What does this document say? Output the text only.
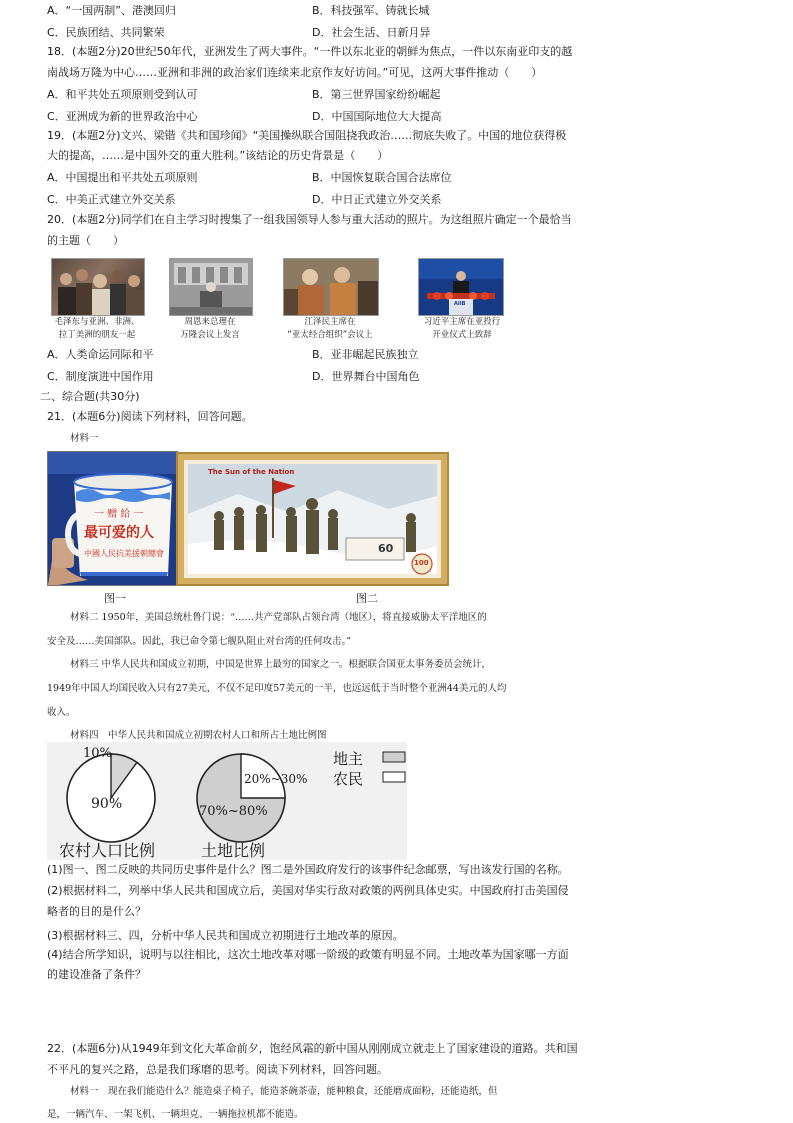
A．“一国两制”、港澳回归	B．科技强军、铸就长城
C．民族团结、共同繁荣	D．社会生活、日新月异
18．(本题2分)20世纪50年代，亚洲发生了两大事件。“一件以东北亚的朝鲜为焦点，一件以东南亚印支的越
南战场万隆为中心……亚洲和非洲的政治家们连续来北京作友好访问。”可见，这两大事件推动（　　）
A．和平共处五项原则受到认可	B．第三世界国家纷纷崛起
C．亚洲成为新的世界政治中心	D．中国国际地位大大提高
19．(本题2分)文兴、梁锴《共和国珍闻》“美国操纵联合国阻挠我政治……彻底失败了。中国的地位获得极
大的提高，……是中国外交的重大胜利。”该结论的历史背景是（　　）
A．中国提出和平共处五项原则	B．中国恢复联合国合法席位
C．中美正式建立外交关系	D．中日正式建立外交关系
20．(本题2分)同学们在自主学习时搜集了一组我国领导人参与重大活动的照片。为这组照片确定一个最恰当
的主题（　　）
AIIB
毛泽东与亚洲、非洲、
拉丁美洲的朋友一起
周恩来总理在
万隆会议上发言
江泽民主席在
“亚太经合组织”会议上
习近平主席在亚投行
开业仪式上致辞
A．人类命运同际和平	B．亚非崛起民族独立
C．制度演进中国作用	D．世界舞台中国角色
二、综合题(共30分)
21．(本题6分)阅读下列材料，回答问题。
材料一
一 赠 給 一
最可爱的人
中國人民抗美援朝總會
The Sun of the Nation
60
100
图一	图二
材料二 1950年，美国总统杜鲁门说：“……共产党部队占领台湾（地区），将直接威胁太平洋地区的
安全及……美国部队。因此，我已命令第七舰队阻止对台湾的任何攻击。”
材料三 中华人民共和国成立初期，中国是世界上最穷的国家之一。根据联合国亚太事务委员会统计，
1949年中国人均国民收入只有27美元，不仅不足印度57美元的一半，也远远低于当时整个亚洲44美元的人均
收入。
材料四　中华人民共和国成立初期农村人口和所占土地比例图
10%
90%
20%~30%
70%~80%
地主
农民
农村人口比例	土地比例
(1)图一、图二反映的共同历史事件是什么？图二是外国政府发行的该事件纪念邮票，写出该发行国的名称。
(2)根据材料二，列举中华人民共和国成立后，美国对华实行敌对政策的两例具体史实。中国政府打击美国侵
略者的目的是什么？
(3)根据材料三、四，分析中华人民共和国成立初期进行土地改革的原因。
(4)结合所学知识，说明与以往相比，这次土地改革对哪一阶级的政策有明显不同。土地改革为国家哪一方面
的建设准备了条件？
22．(本题6分)从1949年到文化大革命前夕，饱经风霜的新中国从刚刚成立就走上了国家建设的道路。共和国
不平凡的复兴之路，总是我们琢磨的思考。阅读下列材料，回答问题。
材料一　现在我们能造什么？能造桌子椅子，能造茶碗茶壶，能种粮食，还能磨成面粉，还能造纸，但
是，一辆汽车、一架飞机、一辆坦克、一辆拖拉机都不能造。
